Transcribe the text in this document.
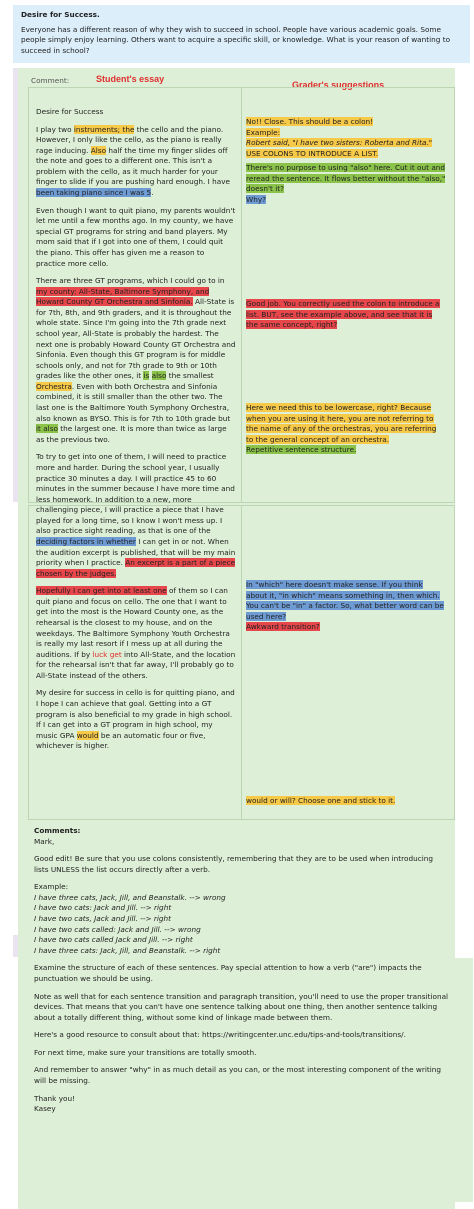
Desire for Success.
Everyone has a different reason of why they wish to succeed in school. People have various academic goals. Some people simply enjoy learning. Others want to acquire a specific skill, or knowledge. What is your reason of wanting to succeed in school?
Comment:	Student's essay
Grader's suggestions

Desire for Success

I play two instruments; the the cello and the piano. However, I only like the cello, as the piano is really rage inducing. Also half the time my finger slides off the note and goes to a different one. This isn't a problem with the cello, as it much harder for your finger to slide if you are pushing hard enough. I have been taking piano since I was 5.

Even though I want to quit piano, my parents wouldn't let me until a few months ago. In my county, we have special GT programs for string and band players. My mom said that if I got into one of them, I could quit the piano. This offer has given me a reason to practice more cello.

There are three GT programs, which I could go to in my county: All-State, Baltimore Symphony, and Howard County GT Orchestra and Sinfonia. All-State is for 7th, 8th, and 9th graders, and it is throughout the whole state. Since I'm going into the 7th grade next school year, All-State is probably the hardest. The next one is probably Howard County GT Orchestra and Sinfonia. Even though this GT program is for middle schools only, and not for 7th grade to 9th or 10th grades like the other ones, it is also the smallest Orchestra. Even with both Orchestra and Sinfonia combined, it is still smaller than the other two. The last one is the Baltimore Youth Symphony Orchestra, also known as BYSO. This is for 7th to 10th grade but it also the largest one. It is more than twice as large as the previous two.

To try to get into one of them, I will need to practice more and harder. During the school year, I usually practice 30 minutes a day. I will practice 45 to 60 minutes in the summer because I have more time and less homework. In addition to a new, more challenging piece, I will practice a piece that I have played for a long time, so I know I won't mess up. I also practice sight reading, as that is one of the deciding factors in whether I can get in or not. When the audition excerpt is published, that will be my main priority when I practice. An excerpt is a part of a piece chosen by the judges.

Hopefully I can get into at least one of them so I can quit piano and focus on cello. The one that I want to get into the most is the Howard County one, as the rehearsal is the closest to my house, and on the weekdays. The Baltimore Symphony Youth Orchestra is really my last resort if I mess up at all during the auditions. If by luck get into All-State, and the location for the rehearsal isn't that far away, I'll probably go to All-State instead of the others.

My desire for success in cello is for quitting piano, and I hope I can achieve that goal. Getting into a GT program is also beneficial to my grade in high school. If I can get into a GT program in high school, my music GPA would be an automatic four or five, whichever is higher.

No!! Close. This should be a colon!
Example:
Robert said, "I have two sisters: Roberta and Rita."
USE COLONS TO INTRODUCE A LIST.
There's no purpose to using "also" here. Cut it out and reread the sentence. It flows better without the "also," doesn't it?
Why?
Good job. You correctly used the colon to introduce a list. BUT, see the example above, and see that it is the same concept, right?
Here we need this to be lowercase, right? Because when you are using it here, you are not referring to the name of any of the orchestras, you are referring to the general concept of an orchestra.
Repetitive sentence structure.
In "which" here doesn't make sense. If you think about it, "in which" means something in, then which. You can't be "in" a factor. So, what better word can be used here?
Awkward transition?
would or will? Choose one and stick to it.
Comments:

Mark,

Good edit! Be sure that you use colons consistently, remembering that they are to be used when introducing lists UNLESS the list occurs directly after a verb.

Example:
I have three cats, Jack, Jill, and Beanstalk. --> wrong
I have two cats: Jack and Jill. --> right
I have two cats, Jack and Jill. --> right
I have two cats called: Jack and Jill. --> wrong
I have two cats called Jack and Jill. --> right

I have three cats: Jack, Jill, and Beanstalk. --> right

Examine the structure of each of these sentences. Pay special attention to how a verb ("are") impacts the punctuation we should be using.

Note as well that for each sentence transition and paragraph transition, you'll need to use the proper transitional devices. That means that you can't have one sentence talking about one thing, then another sentence talking about a totally different thing, without some kind of linkage made between them.

Here's a good resource to consult about that: https://writingcenter.unc.edu/tips-and-tools/transitions/.

For next time, make sure your transitions are totally smooth.

And remember to answer "why" in as much detail as you can, or the most interesting component of the writing will be missing.

Thank you!
Kasey
